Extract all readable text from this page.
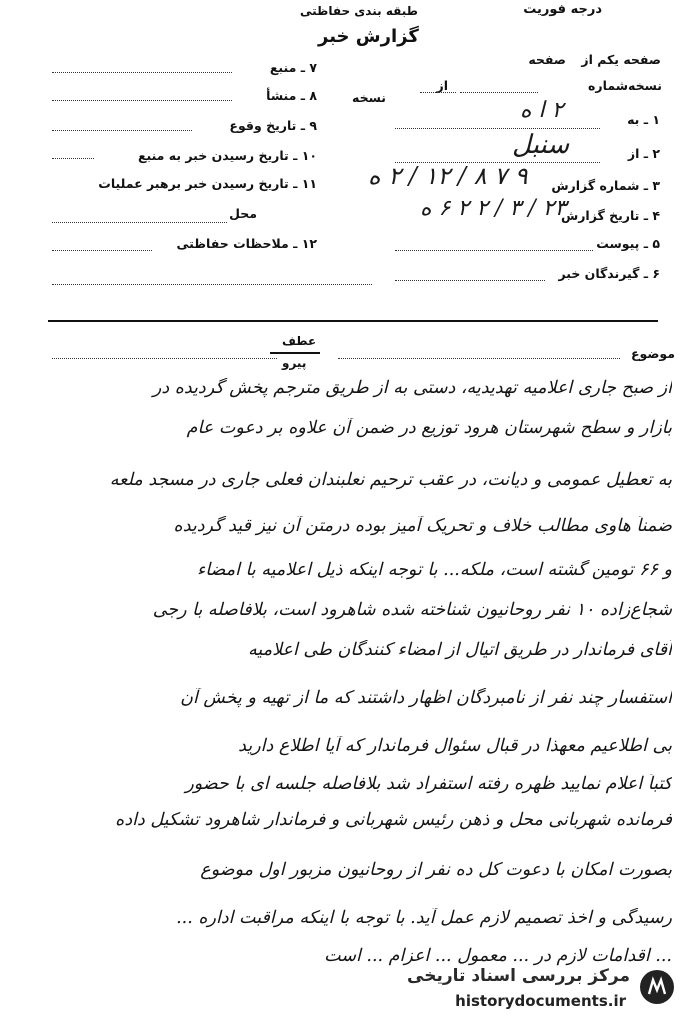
درجه فوریت
طبقه بندی حفاظتی
گزارش خبر
صفحه یکم از
صفحه
نسخه‌شماره
از
نسخه
۱ ـ به
۲ ا ه
۲ ـ از
سنبل
۳ ـ شماره گزارش
۹ ۷ ۸ / ۱۲ / ۲ ه
۴ ـ تاریخ گزارش
۲۳ / ۳ / ۲ ۲ ۶ ه
۵ ـ پیوست
۶ ـ گیرندگان خبر
۷ ـ منبع
۸ ـ منشأ
۹ ـ تاریخ وقوع
۱۰ ـ تاریخ رسیدن خبر به منبع
۱۱ ـ تاریخ رسیدن خبر برهبر عملیات
محل
۱۲ ـ ملاحظات حفاظتی
موضوع
عطف
پیرو
از صبح جاری اعلامیه تهدیدیه، دستی به از طریق مترجم پخش گردیده در
بازار و سطح شهرستان هرود توزیع در ضمن آن علاوه بر دعوت عام
به تعطیل عمومی و دیانت، در عقب ترحیم نعلبندان فعلی جاری در مسجد ملعه
ضمناً هاوی مطالب خلاف و تحریک آمیز بوده درمتن آن نیز قید گردیده
و ۶۶ تومین گشته است، ملکه... با توجه اینکه ذیل اعلامیه با امضاء
شجاع‌زاده ۱۰ نفر روحانیون شناخته شده شاهرود است، بلافاصله با رجی
آقای فرماندار در طریق اتیال از امضاء کنندگان طی اعلامیه
استفسار چند نفر از نامبردگان اظهار داشتند که ما از تهیه و پخش آن
بی اطلاعیم معهذا در قبال سئوال فرماندار که آیا اطلاع دارید
کتباً اعلام نمایید ظهره رفته استفراد شد بلافاصله جلسه ای با حضور
فرمانده شهربانی محل و ذهن رئیس شهربانی و فرماندار شاهرود تشکیل داده
بصورت امکان با دعوت کل ده نفر از روحانیون مزبور اول موضوع
رسیدگی و اخذ تصمیم لازم عمل آید. با توجه با اینکه مراقبت اداره ...
... اقدامات لازم در ... معمول ... اعزام ... است
مرکز بررسی اسناد تاریخی
historydocuments.ir
